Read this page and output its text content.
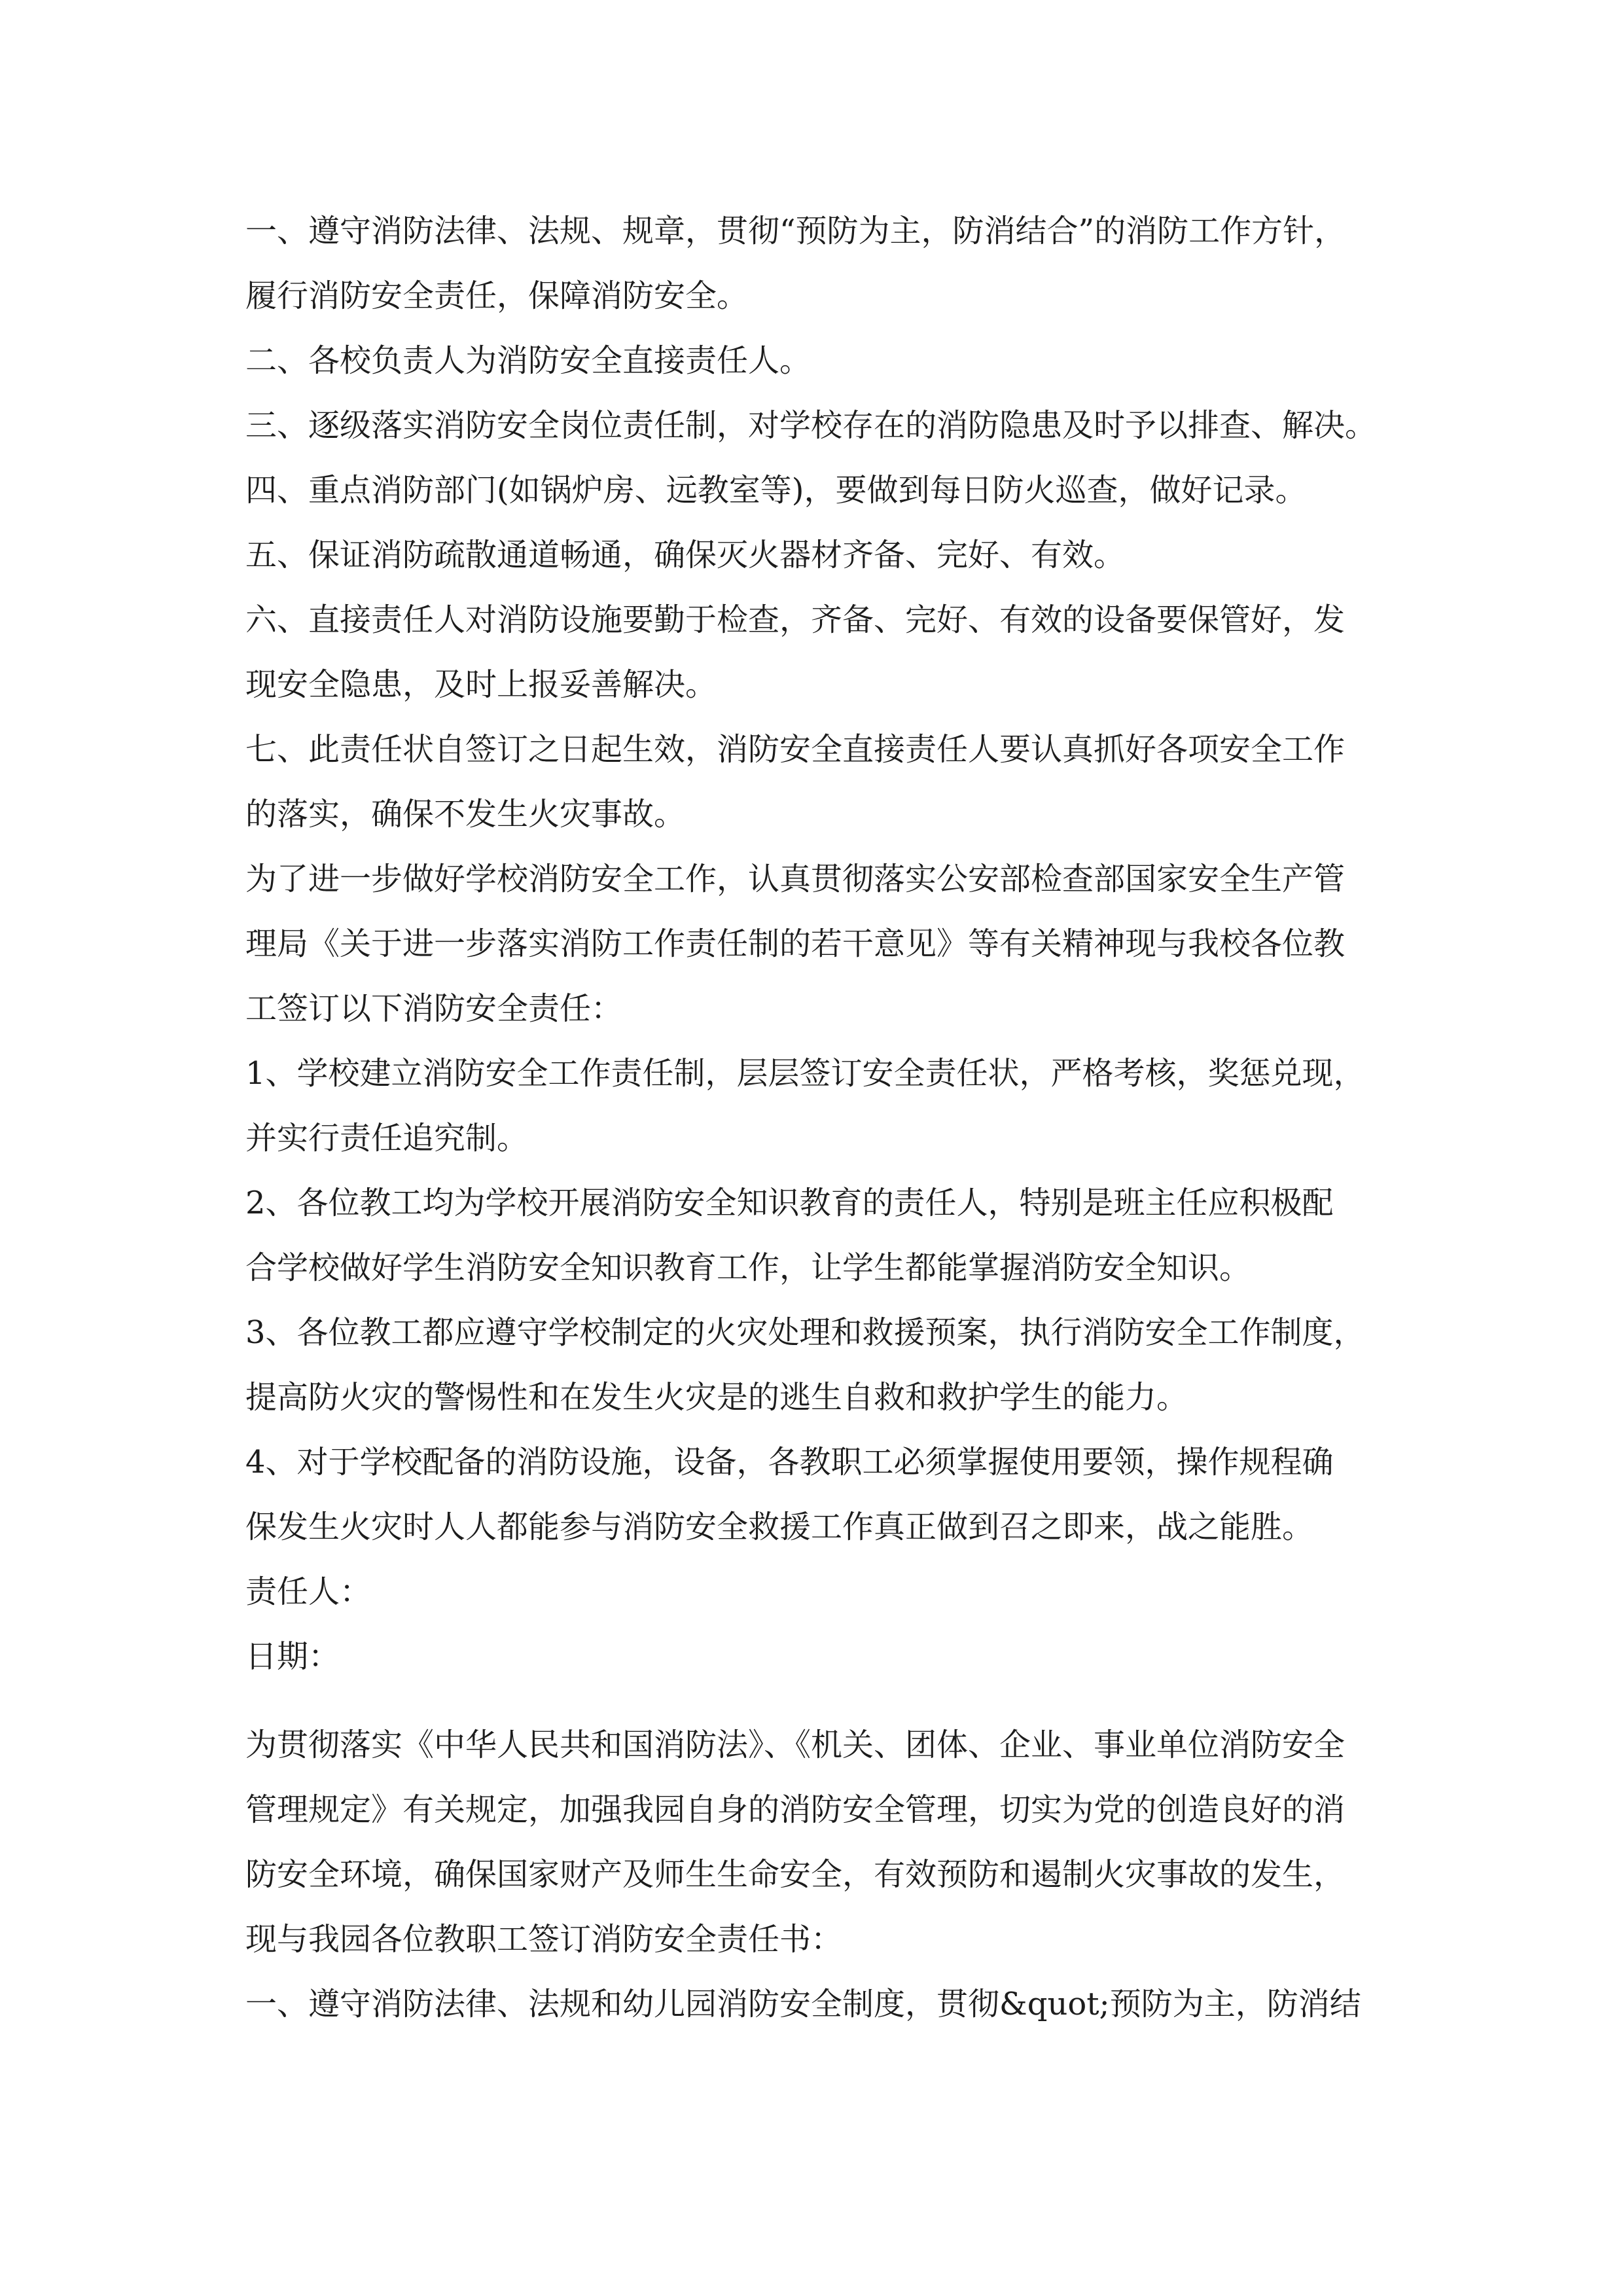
一、遵守消防法律、法规、规章，贯彻“预防为主，防消结合”的消防工作方针，
履行消防安全责任，保障消防安全。
二、各校负责人为消防安全直接责任人。
三、逐级落实消防安全岗位责任制，对学校存在的消防隐患及时予以排查、解决。
四、重点消防部门(如锅炉房、远教室等)，要做到每日防火巡查，做好记录。
五、保证消防疏散通道畅通，确保灭火器材齐备、完好、有效。
六、直接责任人对消防设施要勤于检查，齐备、完好、有效的设备要保管好，发
现安全隐患，及时上报妥善解决。
七、此责任状自签订之日起生效，消防安全直接责任人要认真抓好各项安全工作
的落实，确保不发生火灾事故。
为了进一步做好学校消防安全工作，认真贯彻落实公安部检查部国家安全生产管
理局《关于进一步落实消防工作责任制的若干意见》等有关精神现与我校各位教
工签订以下消防安全责任：
1、学校建立消防安全工作责任制，层层签订安全责任状，严格考核，奖惩兑现，
并实行责任追究制。
2、各位教工均为学校开展消防安全知识教育的责任人，特别是班主任应积极配
合学校做好学生消防安全知识教育工作，让学生都能掌握消防安全知识。
3、各位教工都应遵守学校制定的火灾处理和救援预案，执行消防安全工作制度，
提高防火灾的警惕性和在发生火灾是的逃生自救和救护学生的能力。
4、对于学校配备的消防设施，设备，各教职工必须掌握使用要领，操作规程确
保发生火灾时人人都能参与消防安全救援工作真正做到召之即来，战之能胜。
责任人：
日期：
为贯彻落实《中华人民共和国消防法》、《机关、团体、企业、事业单位消防安全
管理规定》有关规定，加强我园自身的消防安全管理，切实为党的创造良好的消
防安全环境，确保国家财产及师生生命安全，有效预防和遏制火灾事故的发生，
现与我园各位教职工签订消防安全责任书：
一、遵守消防法律、法规和幼儿园消防安全制度，贯彻&quot;预防为主，防消结
